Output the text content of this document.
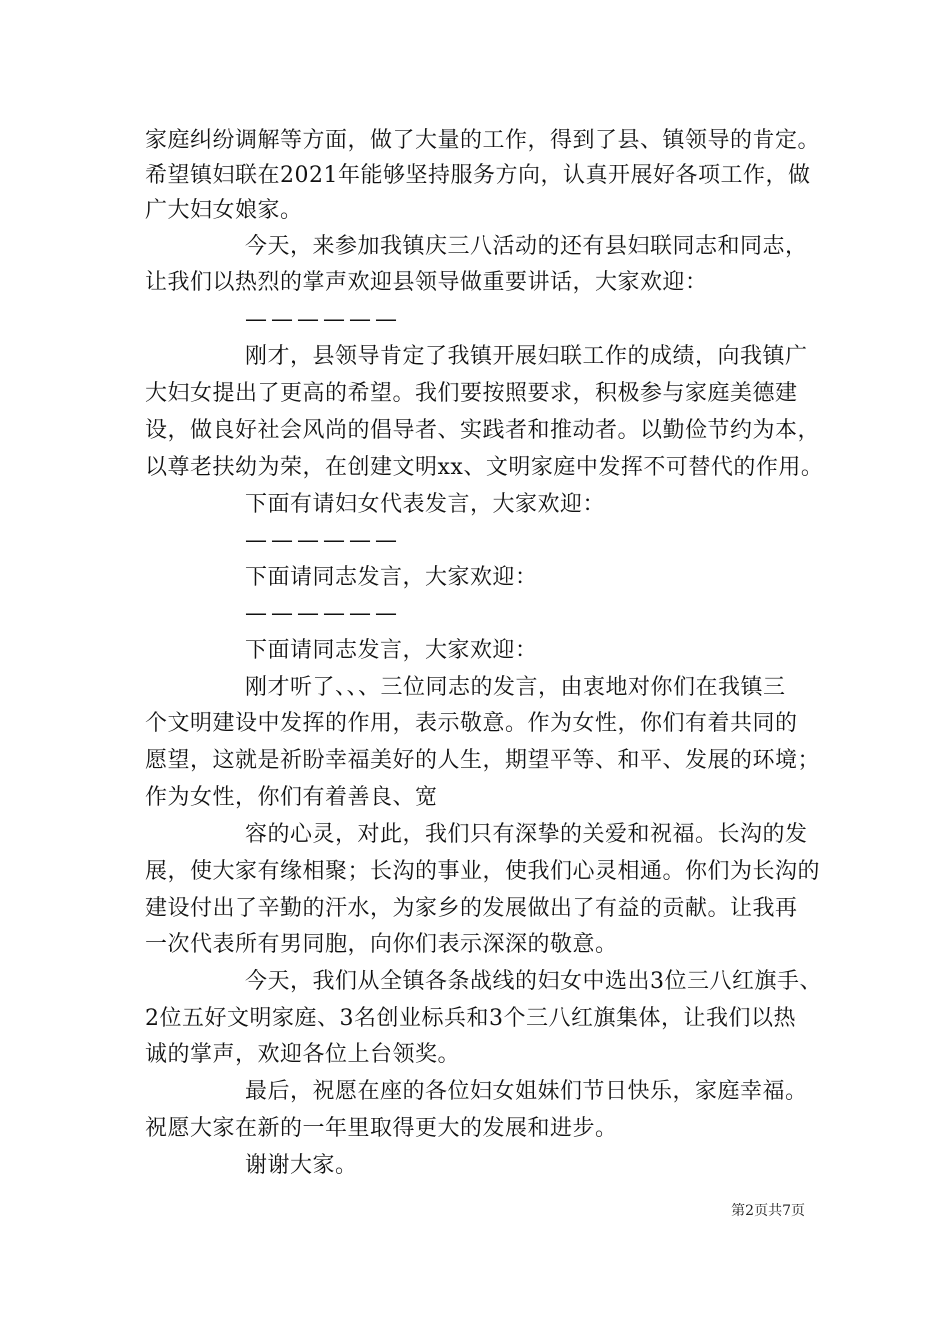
家庭纠纷调解等方面，做了大量的工作，得到了县、镇领导的肯定。
希望镇妇联在2021年能够坚持服务方向，认真开展好各项工作，做
广大妇女娘家。
今天，来参加我镇庆三八活动的还有县妇联同志和同志，
让我们以热烈的掌声欢迎县领导做重要讲话，大家欢迎：
——————
刚才，县领导肯定了我镇开展妇联工作的成绩，向我镇广
大妇女提出了更高的希望。我们要按照要求，积极参与家庭美德建
设，做良好社会风尚的倡导者、实践者和推动者。以勤俭节约为本，
以尊老扶幼为荣，在创建文明xx、文明家庭中发挥不可替代的作用。
下面有请妇女代表发言，大家欢迎：
——————
下面请同志发言，大家欢迎：
——————
下面请同志发言，大家欢迎：
刚才听了、、、三位同志的发言，由衷地对你们在我镇三
个文明建设中发挥的作用，表示敬意。作为女性，你们有着共同的
愿望，这就是祈盼幸福美好的人生，期望平等、和平、发展的环境；
作为女性，你们有着善良、宽
容的心灵，对此，我们只有深挚的关爱和祝福。长沟的发
展，使大家有缘相聚；长沟的事业，使我们心灵相通。你们为长沟的
建设付出了辛勤的汗水，为家乡的发展做出了有益的贡献。让我再
一次代表所有男同胞，向你们表示深深的敬意。
今天，我们从全镇各条战线的妇女中选出3位三八红旗手、
2位五好文明家庭、3名创业标兵和3个三八红旗集体，让我们以热
诚的掌声，欢迎各位上台领奖。
最后，祝愿在座的各位妇女姐妹们节日快乐，家庭幸福。
祝愿大家在新的一年里取得更大的发展和进步。
谢谢大家。
第2页共7页
